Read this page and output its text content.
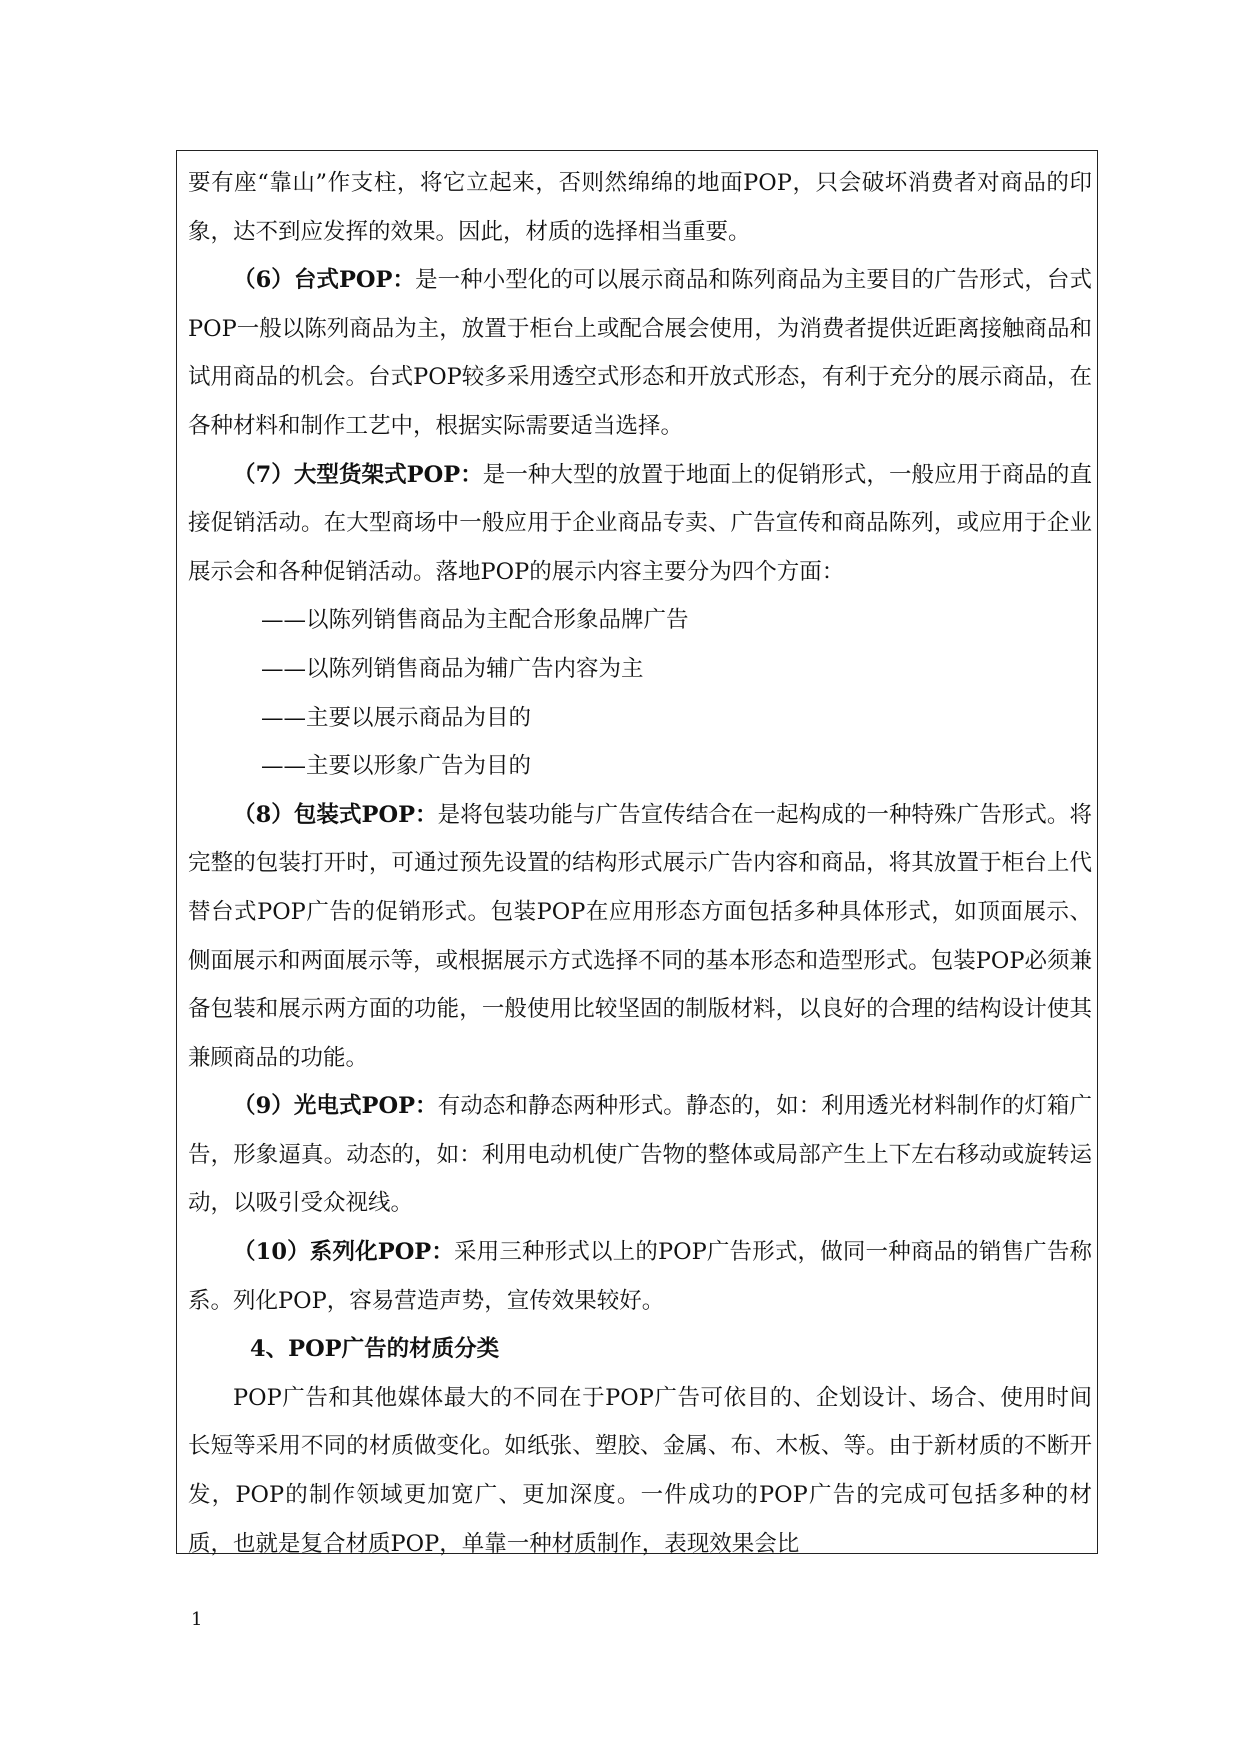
要有座“靠山”作支柱，将它立起来，否则然绵绵的地面POP，只会破坏消费者对商品的印象，达不到应发挥的效果。因此，材质的选择相当重要。

（6）台式POP：是一种小型化的可以展示商品和陈列商品为主要目的广告形式，台式POP一般以陈列商品为主，放置于柜台上或配合展会使用，为消费者提供近距离接触商品和试用商品的机会。台式POP较多采用透空式形态和开放式形态，有利于充分的展示商品，在各种材料和制作工艺中，根据实际需要适当选择。

（7）大型货架式POP：是一种大型的放置于地面上的促销形式，一般应用于商品的直接促销活动。在大型商场中一般应用于企业商品专卖、广告宣传和商品陈列，或应用于企业展示会和各种促销活动。落地POP的展示内容主要分为四个方面：

——以陈列销售商品为主配合形象品牌广告

——以陈列销售商品为辅广告内容为主

——主要以展示商品为目的

——主要以形象广告为目的

（8）包装式POP：是将包装功能与广告宣传结合在一起构成的一种特殊广告形式。将完整的包装打开时，可通过预先设置的结构形式展示广告内容和商品，将其放置于柜台上代替台式POP广告的促销形式。包装POP在应用形态方面包括多种具体形式，如顶面展示、侧面展示和两面展示等，或根据展示方式选择不同的基本形态和造型形式。包装POP必须兼备包装和展示两方面的功能，一般使用比较坚固的制版材料，以良好的合理的结构设计使其兼顾商品的功能。

（9）光电式POP：有动态和静态两种形式。静态的，如：利用透光材料制作的灯箱广告，形象逼真。动态的，如：利用电动机使广告物的整体或局部产生上下左右移动或旋转运动，以吸引受众视线。

（10）系列化POP：采用三种形式以上的POP广告形式，做同一种商品的销售广告称系。列化POP，容易营造声势，宣传效果较好。

4、POP广告的材质分类

POP广告和其他媒体最大的不同在于POP广告可依目的、企划设计、场合、使用时间长短等采用不同的材质做变化。如纸张、塑胶、金属、布、木板、等。由于新材质的不断开发，POP的制作领域更加宽广、更加深度。一件成功的POP广告的完成可包括多种的材质，也就是复合材质POP，单靠一种材质制作，表现效果会比

1
